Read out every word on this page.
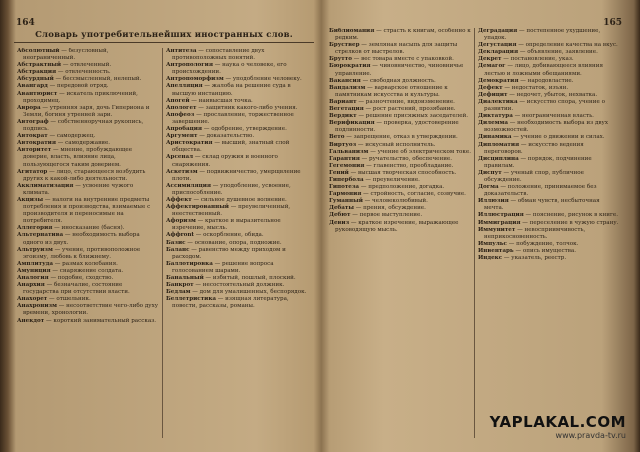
164
Словарь употребительнейших иностранных слов.

Абсолютный — безусловный, неограниченный.

Абстрактный — отвлеченный.

Абстракция — отвлеченность.

Абсурдный — бессмысленный, нелепый.

Авангард — передовой отряд.

Авантюрист — искатель приключений, проходимец.

Аврора — утренняя заря, дочь Гипериона и Земли, богиня утренней зари.

Автограф — собственноручная рукопись, подпись.

Автократ — самодержец.

Автократия — самодержавие.

Авторитет — мнение, пробуждающее доверие, власть, влияние лица, пользующегося таким доверием.

Агитатор — лицо, старающееся возбудить других к какой-либо деятельности.

Акклиматизация — усвоение чужого климата.

Акцизы — налоги на внутренние предметы потребления и производства, взимаемые с производителя и переносимые на потребителя.

Аллегория — иносказание (басня).

Альтернатива — необходимость выбора одного из двух.

Альтруизм — учение, противоположное эгоизму, любовь к ближнему.

Амплитуда — размах колебания.

Амуниция — снаряжение солдата.

Аналогия — подобие, сходство.

Анархия — безначалие, состояние государства при отсутствии власти.

Анахорет — отшельник.

Анахронизм — несоответствие чего-либо духу времени, хронологии.

Анекдот — короткий занимательный рассказ.

Антитеза — сопоставление двух противоположных понятий.

Антропология — наука о человеке, его происхождении.

Антропоморфизм — уподобление человеку.

Апелляция — жалоба на решение суда в высшую инстанцию.

Апогей — наивысшая точка.

Апологет — защитник какого-либо учения.

Апофеоз — прославление, торжественное завершение.

Апробация — одобрение, утверждение.

Аргумент — доказательство.

Аристократия — высший, знатный слой общества.

Арсенал — склад оружия и военного снаряжения.

Аскетизм — подвижничество, умерщвление плоти.

Ассимиляция — уподобление, усвоение, приспособление.

Аффект — сильное душевное волнение.

Аффектированный — преувеличенный, неестественный.

Афоризм — краткое и выразительное изречение, мысль.

Аффront — оскорбление, обида.

Базис — основание, опора, подножие.

Баланс — равенство между приходом и расходом.

Баллотировка — решение вопроса голосованием шарами.

Банальный — избитый, пошлый, плоский.

Банкрот — несостоятельный должник.

Бедлам — дом для умалишенных, беспорядок.

Беллетристика — изящная литература, повести, рассказы, романы.

165

Библиомания — страсть к книгам, особенно к редким.

Бруствер — земляная насыпь для защиты стрелков от выстрелов.

Брутто — вес товара вместе с упаковкой.

Бюрократия — чиновничество, чиновничье управление.

Вакансия — свободная должность.

Вандализм — варварское отношение к памятникам искусства и культуры.

Вариант — разночтение, видоизменение.

Вегетация — рост растений, прозябание.

Вердикт — решение присяжных заседателей.

Верификация — проверка, удостоверение подлинности.

Вето — запрещение, отказ в утверждении.

Виртуоз — искусный исполнитель.

Гальванизм — учение об электрическом токе.

Гарантия — ручательство, обеспечение.

Гегемония — главенство, преобладание.

Гений — высшая творческая способность.

Гипербола — преувеличение.

Гипотеза — предположение, догадка.

Гармония — стройность, согласие, созвучие.

Гуманный — человеколюбивый.

Дебаты — прения, обсуждение.

Дебют — первое выступление.

Девиз — краткое изречение, выражающее руководящую мысль.

Деградация — постепенное ухудшение, упадок.

Дегустация — определение качества на вкус.

Декларация — объявление, заявление.

Декрет — постановление, указ.

Демагог — лицо, добивающееся влияния лестью и ложными обещаниями.

Демократия — народовластие.

Дефект — недостаток, изъян.

Дефицит — недочет, убыток, нехватка.

Диалектика — искусство спора, учение о развитии.

Диктатура — неограниченная власть.

Дилемма — необходимость выбора из двух возможностей.

Динамика — учение о движении и силах.

Дипломатия — искусство ведения переговоров.

Дисциплина — порядок, подчинение правилам.

Диспут — ученый спор, публичное обсуждение.

Догма — положение, принимаемое без доказательств.

Иллюзия — обман чувств, несбыточная мечта.

Иллюстрация — пояснение, рисунок в книге.

Иммиграция — переселение в чужую страну.

Иммунитет — невосприимчивость, неприкосновенность.

Импульс — побуждение, толчок.

Инвентарь — опись имущества.

Индекс — указатель, реестр.

YAPLAKAL.COM
www.pravda-tv.ru
